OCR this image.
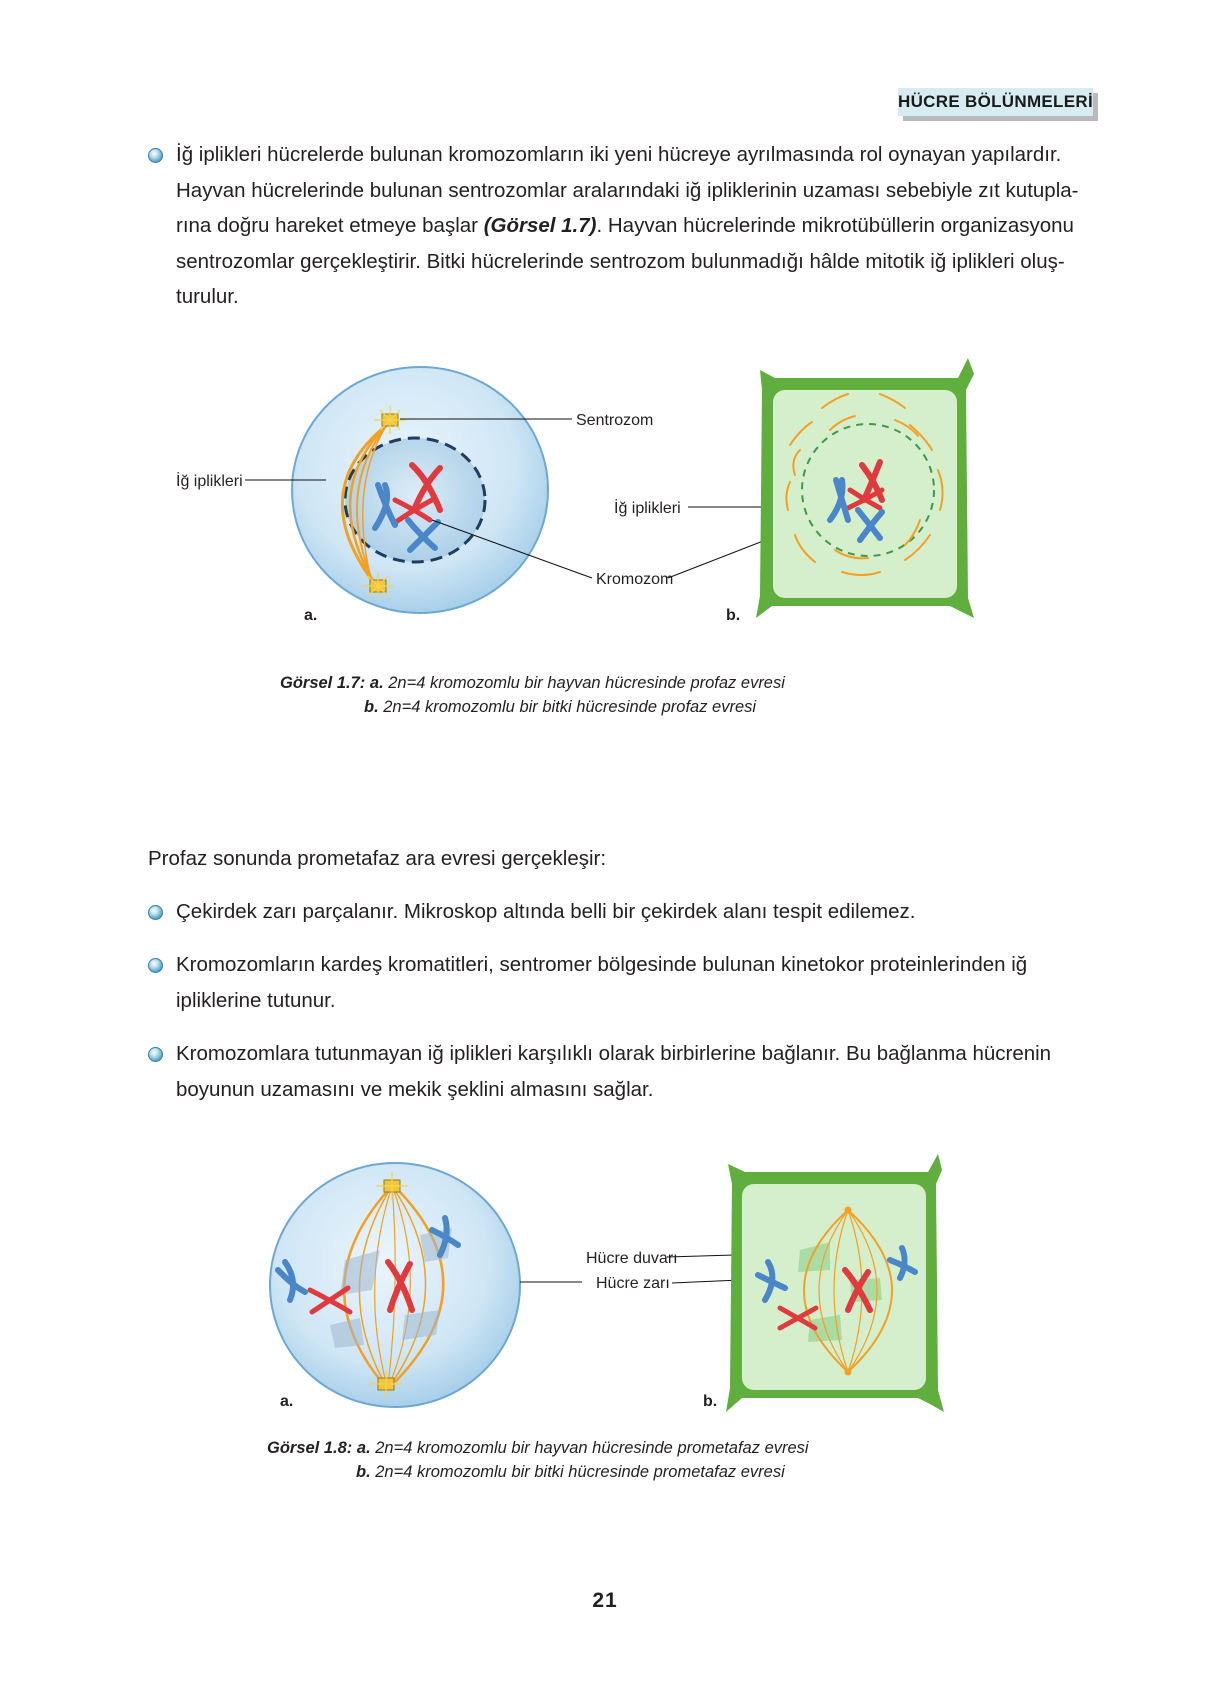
HÜCRE BÖLÜNMELERİ
İğ iplikleri hücrelerde bulunan kromozomların iki yeni hücreye ayrılmasında rol oynayan yapılardır.
Hayvan hücrelerinde bulunan sentrozomlar aralarındaki iğ ipliklerinin uzaması sebebiyle zıt kutupla-
rına doğru hareket etmeye başlar (Görsel 1.7). Hayvan hücrelerinde mikrotübüllerin organizasyonu
sentrozomlar gerçekleştirir. Bitki hücrelerinde sentrozom bulunmadığı hâlde mitotik iğ iplikleri oluş-
turulur.
İğ iplikleri
Sentrozom
İğ iplikleri
Kromozom
a.	b.
Görsel 1.7: a. 2n=4 kromozomlu bir hayvan hücresinde profaz evresi
b. 2n=4 kromozomlu bir bitki hücresinde profaz evresi
Profaz sonunda prometafaz ara evresi gerçekleşir:
Çekirdek zarı parçalanır. Mikroskop altında belli bir çekirdek alanı tespit edilemez.
Kromozomların kardeş kromatitleri, sentromer bölgesinde bulunan kinetokor proteinlerinden iğ
ipliklerine tutunur.
Kromozomlara tutunmayan iğ iplikleri karşılıklı olarak birbirlerine bağlanır. Bu bağlanma hücrenin
boyunun uzamasını ve mekik şeklini almasını sağlar.
Hücre duvarı
Hücre zarı
a.	b.
Görsel 1.8: a. 2n=4 kromozomlu bir hayvan hücresinde prometafaz evresi
b. 2n=4 kromozomlu bir bitki hücresinde prometafaz evresi
21
